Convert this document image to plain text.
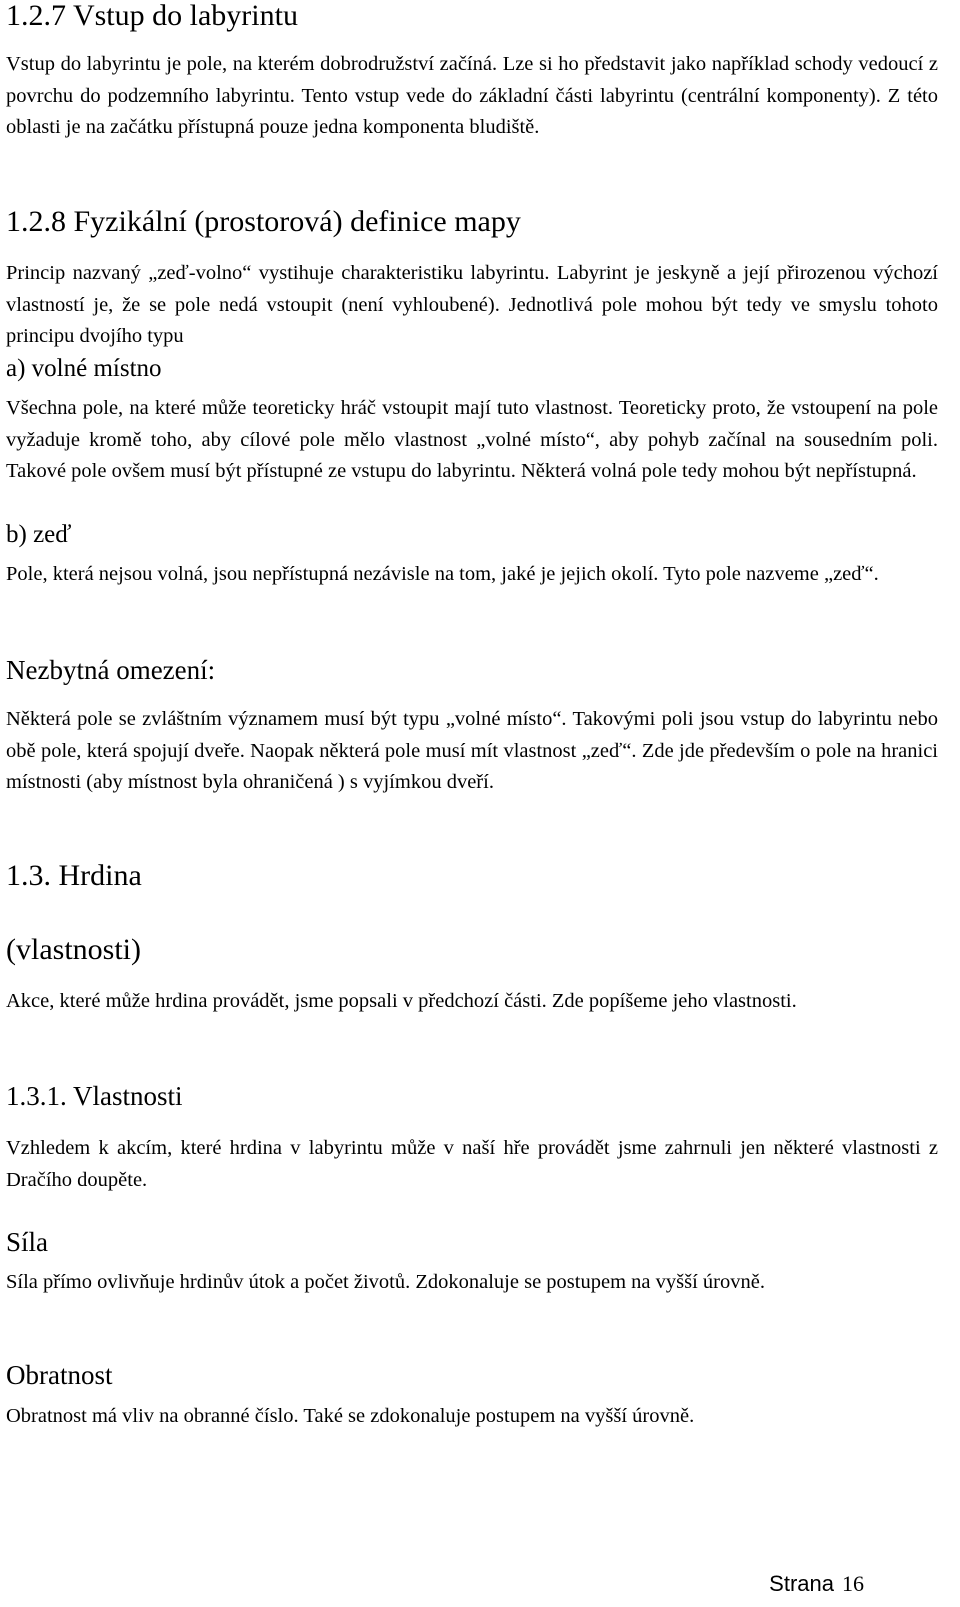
1.2.7 Vstup do labyrintu

Vstup do labyrintu je pole, na kterém dobrodružství začíná. Lze si ho představit jako například schody vedoucí z povrchu do podzemního labyrintu. Tento vstup vede do základní části labyrintu (centrální komponenty). Z této oblasti je na začátku přístupná pouze jedna komponenta bludiště.

1.2.8 Fyzikální (prostorová) definice mapy

Princip nazvaný „zeď-volno“ vystihuje charakteristiku labyrintu. Labyrint je jeskyně a její přirozenou výchozí vlastností je, že se pole nedá vstoupit (není vyhloubené). Jednotlivá pole mohou být tedy ve smyslu tohoto principu dvojího typu

a) volné místno

Všechna pole, na které může teoreticky hráč vstoupit mají tuto vlastnost. Teoreticky proto, že vstoupení na pole vyžaduje kromě toho, aby cílové pole mělo vlastnost „volné místo“, aby pohyb začínal na sousedním poli. Takové pole ovšem musí být přístupné ze vstupu do labyrintu. Některá volná pole tedy mohou být nepřístupná.

b) zeď

Pole, která nejsou volná, jsou nepřístupná nezávisle na tom, jaké je jejich okolí. Tyto pole nazveme „zeď“.

Nezbytná omezení:

Některá pole se zvláštním významem musí být typu „volné místo“. Takovými poli jsou vstup do labyrintu nebo obě pole, která spojují dveře. Naopak některá pole musí mít vlastnost „zeď“. Zde jde především o pole na hranici místnosti (aby místnost byla ohraničená ) s vyjímkou dveří.

1.3. Hrdina
(vlastnosti)

Akce, které může hrdina provádět, jsme popsali v předchozí části. Zde popíšeme jeho vlastnosti.

1.3.1. Vlastnosti

Vzhledem k akcím, které hrdina v labyrintu může v naší hře provádět jsme zahrnuli jen některé vlastnosti z Dračího doupěte.

Síla

Síla přímo ovlivňuje hrdinův útok a počet životů. Zdokonaluje se postupem na vyšší úrovně.

Obratnost

Obratnost má vliv na obranné číslo. Také se zdokonaluje postupem na vyšší úrovně.

Strana 16
